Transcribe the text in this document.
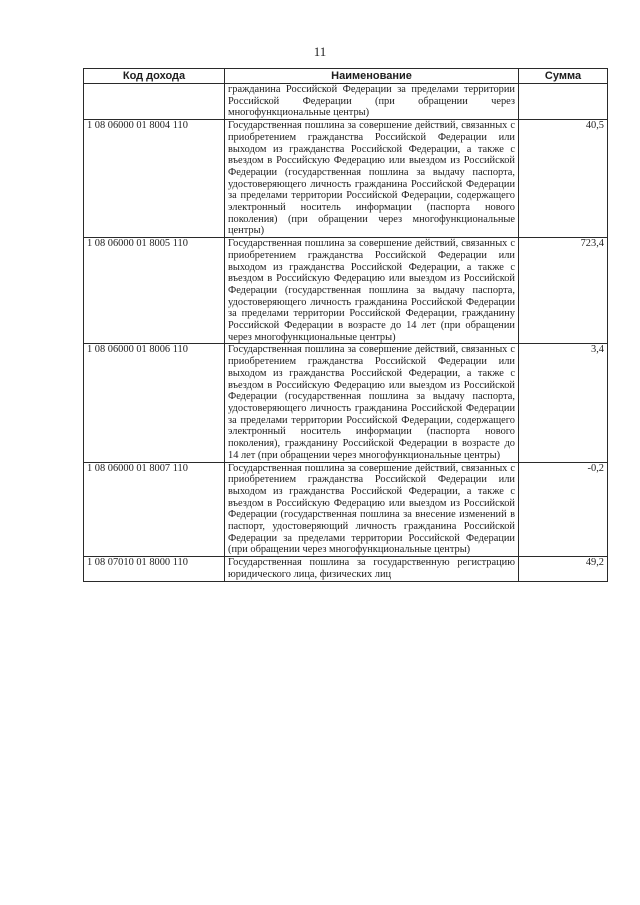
11
Код дохода	Наименование	Сумма
	гражданина Российской Федерации за пределами территории Российской Федерации (при обращении через многофункциональные центры)	
1 08 06000 01 8004 110	Государственная пошлина за совершение действий, связанных с приобретением гражданства Российской Федерации или выходом из гражданства Российской Федерации, а также с въездом в Российскую Федерацию или выездом из Российской Федерации (государственная пошлина за выдачу паспорта, удостоверяющего личность гражданина Российской Федерации за пределами территории Российской Федерации, содержащего электронный носитель информации (паспорта нового поколения) (при обращении через многофункциональные центры)	40,5
1 08 06000 01 8005 110	Государственная пошлина за совершение действий, связанных с приобретением гражданства Российской Федерации или выходом из гражданства Российской Федерации, а также с въездом в Российскую Федерацию или выездом из Российской Федерации (государственная пошлина за выдачу паспорта, удостоверяющего личность гражданина Российской Федерации за пределами территории Российской Федерации, гражданину Российской Федерации в возрасте до 14 лет (при обращении через многофункциональные центры)	723,4
1 08 06000 01 8006 110	Государственная пошлина за совершение действий, связанных с приобретением гражданства Российской Федерации или выходом из гражданства Российской Федерации, а также с въездом в Российскую Федерацию или выездом из Российской Федерации (государственная пошлина за выдачу паспорта, удостоверяющего личность гражданина Российской Федерации за пределами территории Российской Федерации, содержащего электронный носитель информации (паспорта нового поколения), гражданину Российской Федерации в возрасте до 14 лет (при обращении через многофункциональные центры)	3,4
1 08 06000 01 8007 110	Государственная пошлина за совершение действий, связанных с приобретением гражданства Российской Федерации или выходом из гражданства Российской Федерации, а также с въездом в Российскую Федерацию или выездом из Российской Федерации (государственная пошлина за внесение изменений в паспорт, удостоверяющий личность гражданина Российской Федерации за пределами территории Российской Федерации (при обращении через многофункциональные центры)	-0,2
1 08 07010 01 8000 110	Государственная пошлина за государственную регистрацию юридического лица, физических лиц	49,2
